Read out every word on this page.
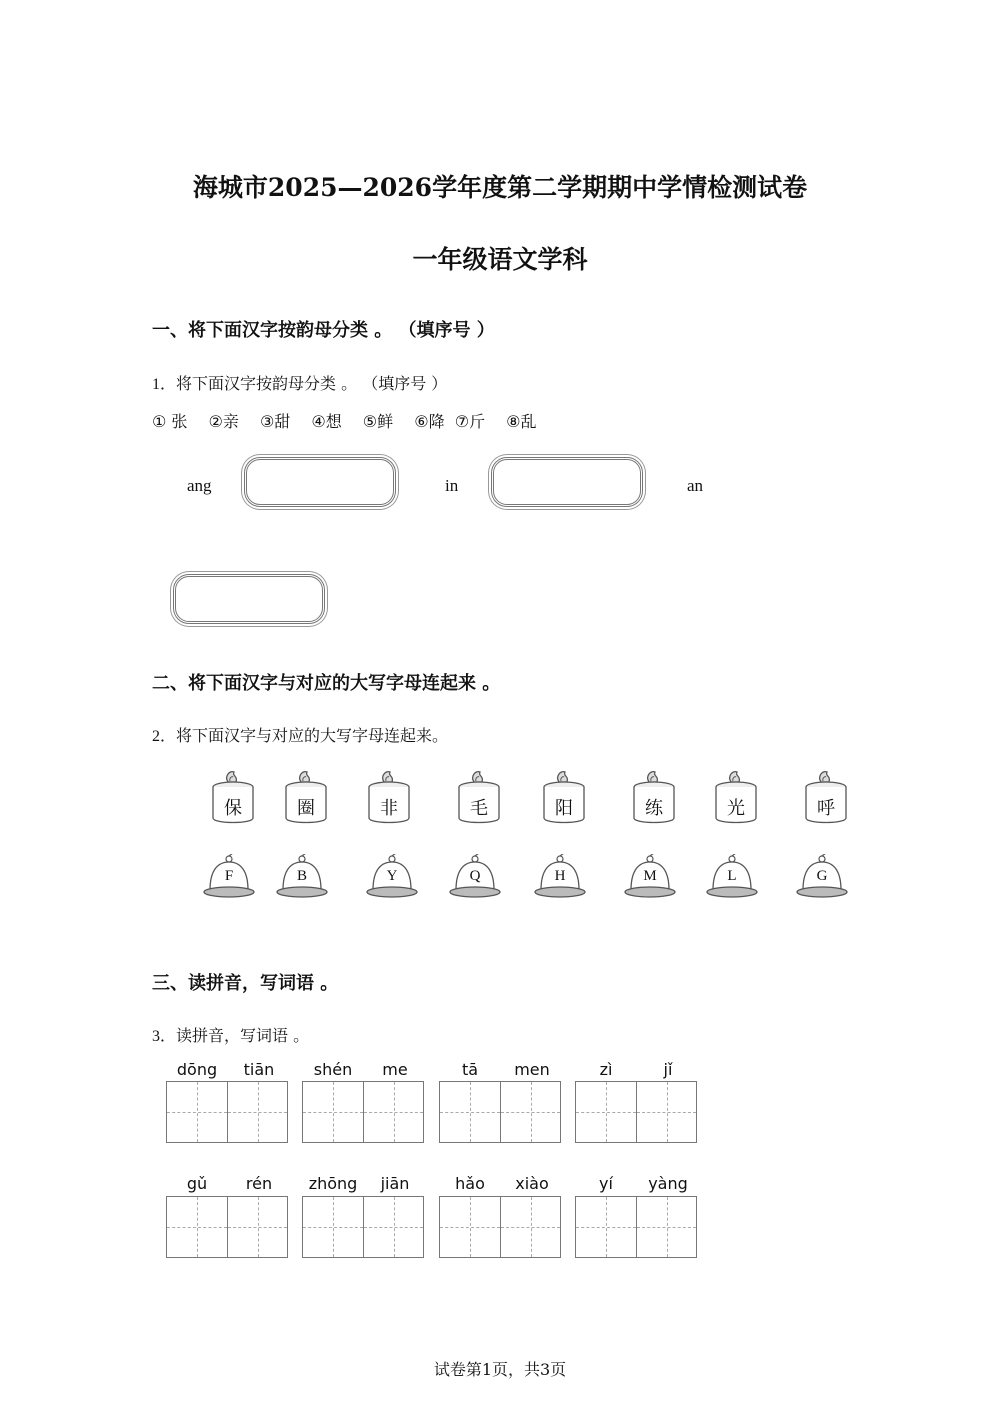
海城市2025—2026学年度第二学期期中学情检测试卷
一年级语文学科
一、将下面汉字按韵母分类 。 （填序号 ）
1．将下面汉字按韵母分类 。 （填序号 ）
① 张　 ②亲　 ③甜　 ④想　 ⑤鲜　 ⑥降  ⑦斤　 ⑧乱
ang	in	an
二、将下面汉字与对应的大写字母连起来 。
2．将下面汉字与对应的大写字母连起来。
保	圈	非	毛	阳	练	光	呼
F	B	Y	Q	H	M	L	G
三、读拼音，写词语 。
3．读拼音，写词语 。
dōng	tiān	shén	me	tā	men	zì	jǐ
gǔ	rén	zhōng	jiān	hǎo	xiào	yí	yàng
试卷第1页，共3页
